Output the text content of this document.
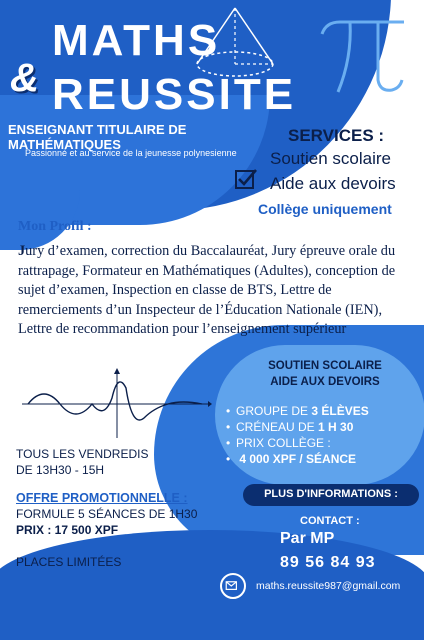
MATHS
& REUSSITE
ENSEIGNANT TITULAIRE DE MATHÉMATIQUES
Passionné et au service de la jeunesse polynesienne
SERVICES :
Soutien scolaire
Aide aux devoirs
Collège uniquement
Mon Profil :
Jury d’examen, correction du Baccalauréat, Jury épreuve orale du rattrapage, Formateur en Mathématiques (Adultes), conception de sujet d’examen, Inspection en classe de BTS, Lettre de remerciements d’un Inspecteur de l’Éducation Nationale (IEN), Lettre de recommandation pour l’enseignement supérieur
SOUTIEN SCOLAIRE
AIDE AUX DEVOIRS
• GROUPE DE 3 ÉLÈVES
• CRÉNEAU DE 1 H 30
• PRIX COLLÈGE :
• 4 000 XPF / SÉANCE
TOUS LES VENDREDIS
DE 13H30 - 15H
OFFRE PROMOTIONNELLE :
FORMULE 5 SÉANCES DE 1H30
PRIX : 17 500 XPF
PLACES LIMITÉES
PLUS D'INFORMATIONS :
CONTACT :
Par MP
89 56 84 93
maths.reussite987@gmail.com
